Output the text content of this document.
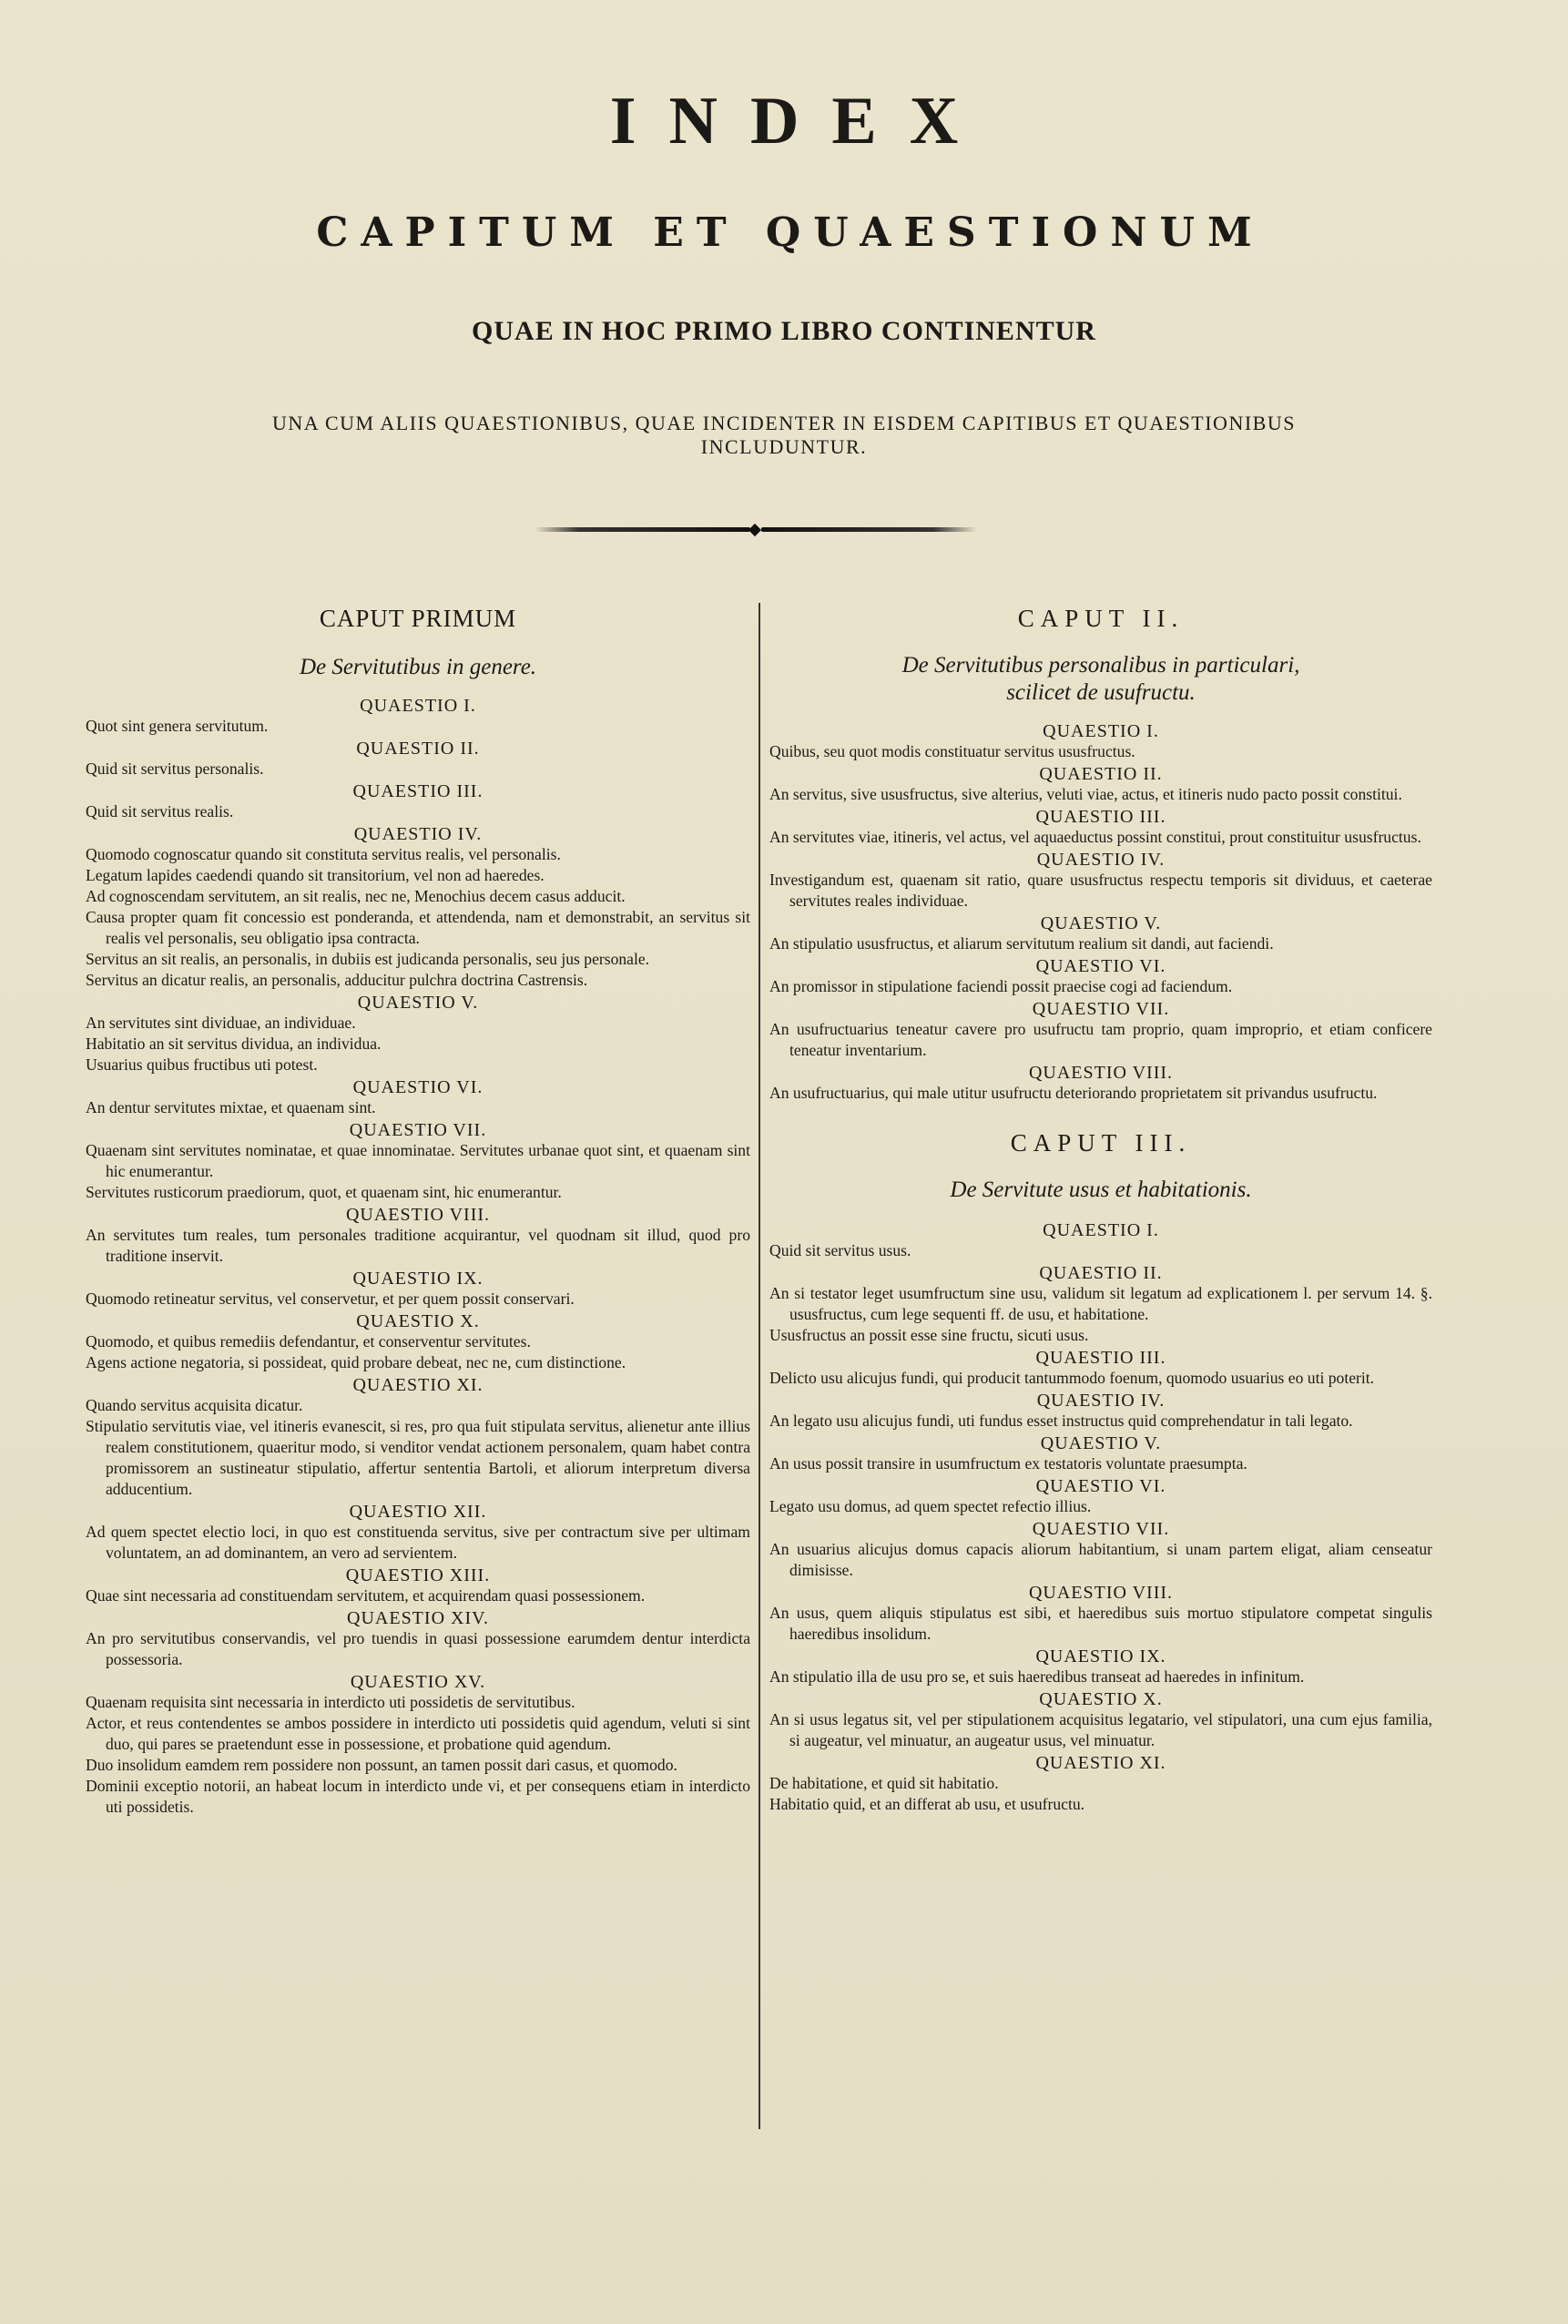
INDEX
CAPITUM ET QUAESTIONUM
QUAE IN HOC PRIMO LIBRO CONTINENTUR
UNA CUM ALIIS QUAESTIONIBUS, QUAE INCIDENTER IN EISDEM CAPITIBUS ET QUAESTIONIBUS INCLUDUNTUR.
CAPUT PRIMUM
De Servitutibus in genere.
QUAESTIO I.

Quot sint genera servitutum.

QUAESTIO II.

Quid sit servitus personalis.

QUAESTIO III.

Quid sit servitus realis.

QUAESTIO IV.

Quomodo cognoscatur quando sit constituta servitus realis, vel personalis.

Legatum lapides caedendi quando sit transitorium, vel non ad haeredes.

Ad cognoscendam servitutem, an sit realis, nec ne, Menochius decem casus adducit.

Causa propter quam fit concessio est ponderanda, et attendenda, nam et demonstrabit, an servitus sit realis vel personalis, seu obligatio ipsa contracta.

Servitus an sit realis, an personalis, in dubiis est judicanda personalis, seu jus personale.

Servitus an dicatur realis, an personalis, adducitur pulchra doctrina Castrensis.

QUAESTIO V.

An servitutes sint dividuae, an individuae.

Habitatio an sit servitus dividua, an individua.

Usuarius quibus fructibus uti potest.

QUAESTIO VI.

An dentur servitutes mixtae, et quaenam sint.

QUAESTIO VII.

Quaenam sint servitutes nominatae, et quae innominatae. Servitutes urbanae quot sint, et quaenam sint hic enumerantur.

Servitutes rusticorum praediorum, quot, et quaenam sint, hic enumerantur.

QUAESTIO VIII.

An servitutes tum reales, tum personales traditione acquirantur, vel quodnam sit illud, quod pro traditione inservit.

QUAESTIO IX.

Quomodo retineatur servitus, vel conservetur, et per quem possit conservari.

QUAESTIO X.

Quomodo, et quibus remediis defendantur, et conserventur servitutes.

Agens actione negatoria, si possideat, quid probare debeat, nec ne, cum distinctione.

QUAESTIO XI.

Quando servitus acquisita dicatur.

Stipulatio servitutis viae, vel itineris evanescit, si res, pro qua fuit stipulata servitus, alienetur ante illius realem constitutionem, quaeritur modo, si venditor vendat actionem personalem, quam habet contra promissorem an sustineatur stipulatio, affertur sententia Bartoli, et aliorum interpretum diversa adducentium.

QUAESTIO XII.

Ad quem spectet electio loci, in quo est constituenda servitus, sive per contractum sive per ultimam voluntatem, an ad dominantem, an vero ad servientem.

QUAESTIO XIII.

Quae sint necessaria ad constituendam servitutem, et acquirendam quasi possessionem.

QUAESTIO XIV.

An pro servitutibus conservandis, vel pro tuendis in quasi possessione earumdem dentur interdicta possessoria.

QUAESTIO XV.

Quaenam requisita sint necessaria in interdicto uti possidetis de servitutibus.

Actor, et reus contendentes se ambos possidere in interdicto uti possidetis quid agendum, veluti si sint duo, qui pares se praetendunt esse in possessione, et probatione quid agendum.

Duo insolidum eamdem rem possidere non possunt, an tamen possit dari casus, et quomodo.

Dominii exceptio notorii, an habeat locum in interdicto unde vi, et per consequens etiam in interdicto uti possidetis.

CAPUT II.
De Servitutibus personalibus in particulari,
scilicet de usufructu.
QUAESTIO I.

Quibus, seu quot modis constituatur servitus ususfructus.

QUAESTIO II.

An servitus, sive ususfructus, sive alterius, veluti viae, actus, et itineris nudo pacto possit constitui.

QUAESTIO III.

An servitutes viae, itineris, vel actus, vel aquaeductus possint constitui, prout constituitur ususfructus.

QUAESTIO IV.

Investigandum est, quaenam sit ratio, quare ususfructus respectu temporis sit dividuus, et caeterae servitutes reales individuae.

QUAESTIO V.

An stipulatio ususfructus, et aliarum servitutum realium sit dandi, aut faciendi.

QUAESTIO VI.

An promissor in stipulatione faciendi possit praecise cogi ad faciendum.

QUAESTIO VII.

An usufructuarius teneatur cavere pro usufructu tam proprio, quam improprio, et etiam conficere teneatur inventarium.

QUAESTIO VIII.

An usufructuarius, qui male utitur usufructu deteriorando proprietatem sit privandus usufructu.

CAPUT III.
De Servitute usus et habitationis.
QUAESTIO I.

Quid sit servitus usus.

QUAESTIO II.

An si testator leget usumfructum sine usu, validum sit legatum ad explicationem l. per servum 14. §. ususfructus, cum lege sequenti ff. de usu, et habitatione.

Ususfructus an possit esse sine fructu, sicuti usus.

QUAESTIO III.

Delicto usu alicujus fundi, qui producit tantummodo foenum, quomodo usuarius eo uti poterit.

QUAESTIO IV.

An legato usu alicujus fundi, uti fundus esset instructus quid comprehendatur in tali legato.

QUAESTIO V.

An usus possit transire in usumfructum ex testatoris voluntate praesumpta.

QUAESTIO VI.

Legato usu domus, ad quem spectet refectio illius.

QUAESTIO VII.

An usuarius alicujus domus capacis aliorum habitantium, si unam partem eligat, aliam censeatur dimisisse.

QUAESTIO VIII.

An usus, quem aliquis stipulatus est sibi, et haeredibus suis mortuo stipulatore competat singulis haeredibus insolidum.

QUAESTIO IX.

An stipulatio illa de usu pro se, et suis haeredibus transeat ad haeredes in infinitum.

QUAESTIO X.

An si usus legatus sit, vel per stipulationem acquisitus legatario, vel stipulatori, una cum ejus familia, si augeatur, vel minuatur, an augeatur usus, vel minuatur.

QUAESTIO XI.

De habitatione, et quid sit habitatio.

Habitatio quid, et an differat ab usu, et usufructu.
